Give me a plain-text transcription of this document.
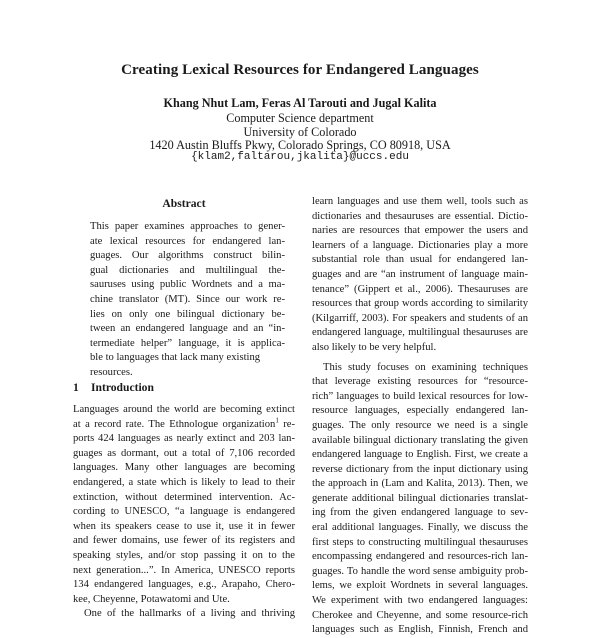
Creating Lexical Resources for Endangered Languages
Khang Nhut Lam, Feras Al Tarouti and Jugal Kalita
Computer Science department
University of Colorado
1420 Austin Bluffs Pkwy, Colorado Springs, CO 80918, USA
{klam2,faltarou,jkalita}@uccs.edu
Abstract
This paper examines approaches to gener-
ate lexical resources for endangered lan-
guages. Our algorithms construct bilin-
gual dictionaries and multilingual the-
sauruses using public Wordnets and a ma-
chine translator (MT). Since our work re-
lies on only one bilingual dictionary be-
tween an endangered language and an “in-
termediate helper” language, it is applica-
ble to languages that lack many existing
resources.
1 Introduction
Languages around the world are becoming extinct
at a record rate. The Ethnologue organization$^1$ re-
ports 424 languages as nearly extinct and 203 lan-
guages as dormant, out a total of 7,106 recorded
languages. Many other languages are becoming
endangered, a state which is likely to lead to their
extinction, without determined intervention. Ac-
cording to UNESCO, “a language is endangered
when its speakers cease to use it, use it in fewer
and fewer domains, use fewer of its registers and
speaking styles, and/or stop passing it on to the
next generation...”. In America, UNESCO reports
134 endangered languages, e.g., Arapaho, Chero-
kee, Cheyenne, Potawatomi and Ute.
One of the hallmarks of a living and thriving
learn languages and use them well, tools such as
dictionaries and thesauruses are essential. Dictio-
naries are resources that empower the users and
learners of a language. Dictionaries play a more
substantial role than usual for endangered lan-
guages and are “an instrument of language main-
tenance” (Gippert et al., 2006). Thesauruses are
resources that group words according to similarity
(Kilgarriff, 2003). For speakers and students of an
endangered language, multilingual thesauruses are
also likely to be very helpful.
This study focuses on examining techniques
that leverage existing resources for “resource-
rich” languages to build lexical resources for low-
resource languages, especially endangered lan-
guages. The only resource we need is a single
available bilingual dictionary translating the given
endangered language to English. First, we create a
reverse dictionary from the input dictionary using
the approach in (Lam and Kalita, 2013). Then, we
generate additional bilingual dictionaries translat-
ing from the given endangered language to sev-
eral additional languages. Finally, we discuss the
first steps to constructing multilingual thesauruses
encompassing endangered and resources-rich lan-
guages. To handle the word sense ambiguity prob-
lems, we exploit Wordnets in several languages.
We experiment with two endangered languages:
Cherokee and Cheyenne, and some resource-rich
languages such as English, Finnish, French and
